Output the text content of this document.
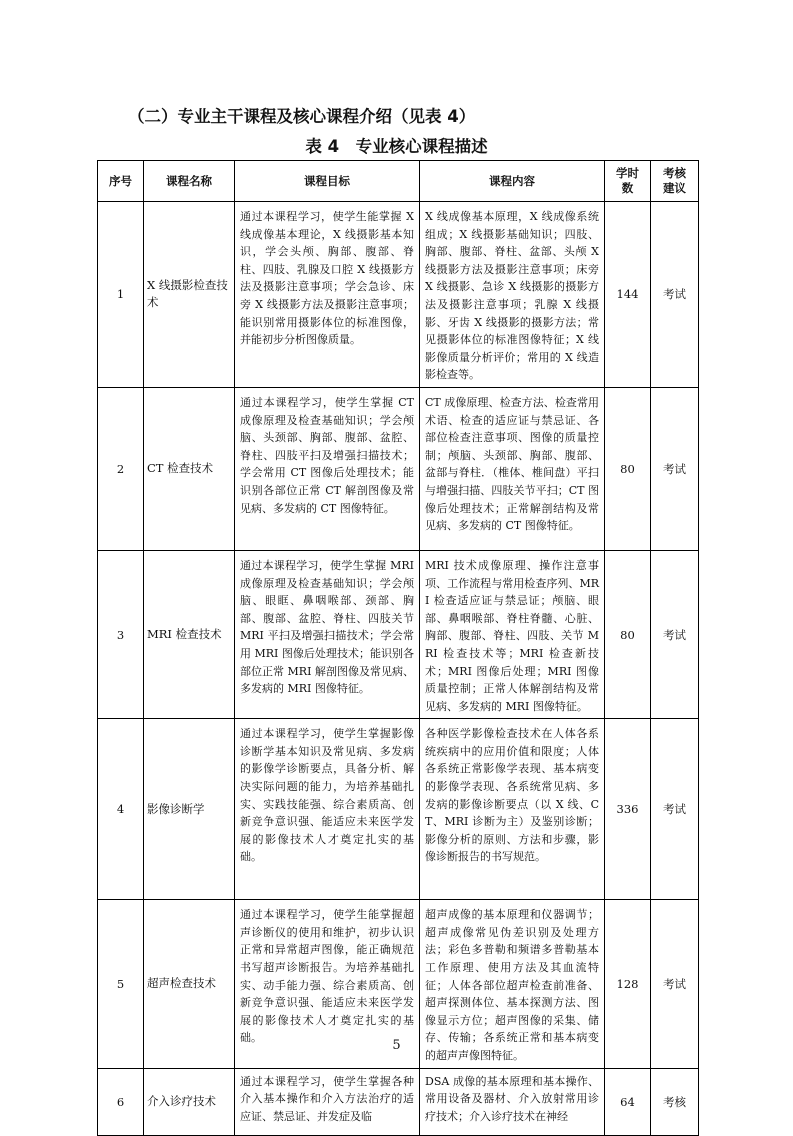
（二）专业主干课程及核心课程介绍（见表 4）
表 4　专业核心课程描述
序号	课程名称	课程目标	课程内容	学时数	考核建议
1	X 线摄影检查技术	通过本课程学习，使学生能掌握 X 线成像基本理论，X 线摄影基本知识，学会头颅、胸部、腹部、脊柱、四肢、乳腺及口腔 X 线摄影方法及摄影注意事项；学会急诊、床旁 X 线摄影方法及摄影注意事项；能识别常用摄影体位的标准图像，并能初步分析图像质量。	X 线成像基本原理，X 线成像系统组成；X 线摄影基础知识；四肢、胸部、腹部、脊柱、盆部、头颅 X 线摄影方法及摄影注意事项；床旁 X 线摄影、急诊 X 线摄影的摄影方法及摄影注意事项；乳腺 X 线摄影、牙齿 X 线摄影的摄影方法；常见摄影体位的标准图像特征；X 线影像质量分析评价；常用的 X 线造影检查等。	144	考试
2	CT 检查技术	通过本课程学习，使学生掌握 CT 成像原理及检查基础知识；学会颅脑、头颈部、胸部、腹部、盆腔、脊柱、四肢平扫及增强扫描技术；学会常用 CT 图像后处理技术；能识别各部位正常 CT 解剖图像及常见病、多发病的 CT 图像特征。	CT 成像原理、检查方法、检查常用术语、检查的适应证与禁忌证、各部位检查注意事项、图像的质量控制；颅脑、头颈部、胸部、腹部、盆部与脊柱．（椎体、椎间盘）平扫与增强扫描、四肢关节平扫；CT 图像后处理技术；正常解剖结构及常见病、多发病的 CT 图像特征。	80	考试
3	MRI 检查技术	通过本课程学习，使学生掌握 MRI 成像原理及检查基础知识；学会颅脑、眼眶、鼻咽喉部、颈部、胸部、腹部、盆腔、脊柱、四肢关节 MRI 平扫及增强扫描技术；学会常用 MRI 图像后处理技术；能识别各部位正常 MRI 解剖图像及常见病、多发病的 MRI 图像特征。	MRI 技术成像原理、操作注意事项、工作流程与常用检查序列、MRI 检查适应证与禁忌证；颅脑、眼部、鼻咽喉部、脊柱脊髓、心脏、胸部、腹部、脊柱、四肢、关节 MRI 检查技术等；MRI 检查新技术；MRI 图像后处理；MRI 图像质量控制；正常人体解剖结构及常见病、多发病的 MRI 图像特征。	80	考试
4	影像诊断学	通过本课程学习，使学生掌握影像诊断学基本知识及常见病、多发病的影像学诊断要点，具备分析、解决实际问题的能力，为培养基础扎实、实践技能强、综合素质高、创新竞争意识强、能适应未来医学发展的影像技术人才奠定扎实的基础。	各种医学影像检查技术在人体各系统疾病中的应用价值和限度；人体各系统正常影像学表现、基本病变的影像学表现、各系统常见病、多发病的影像诊断要点（以 X 线、CT、MRI 诊断为主）及鉴别诊断；影像分析的原则、方法和步骤，影像诊断报告的书写规范。	336	考试
5	超声检查技术	通过本课程学习，使学生能掌握超声诊断仪的使用和维护，初步认识正常和异常超声图像，能正确规范书写超声诊断报告。为培养基础扎实、动手能力强、综合素质高、创新竞争意识强、能适应未来医学发展的影像技术人才奠定扎实的基础。	超声成像的基本原理和仪器调节；超声成像常见伪差识别及处理方法；彩色多普勒和频谱多普勒基本工作原理、使用方法及其血流特征；人体各部位超声检查前准备、超声探测体位、基本探测方法、图像显示方位；超声图像的采集、储存、传输；各系统正常和基本病变的超声声像图特征。	128	考试
6	介入诊疗技术	通过本课程学习，使学生掌握各种介入基本操作和介入方法治疗的适应证、禁忌证、并发症及临	DSA 成像的基本原理和基本操作、常用设备及器材、介入放射常用诊疗技术；介入诊疗技术在神经	64	考核
5
